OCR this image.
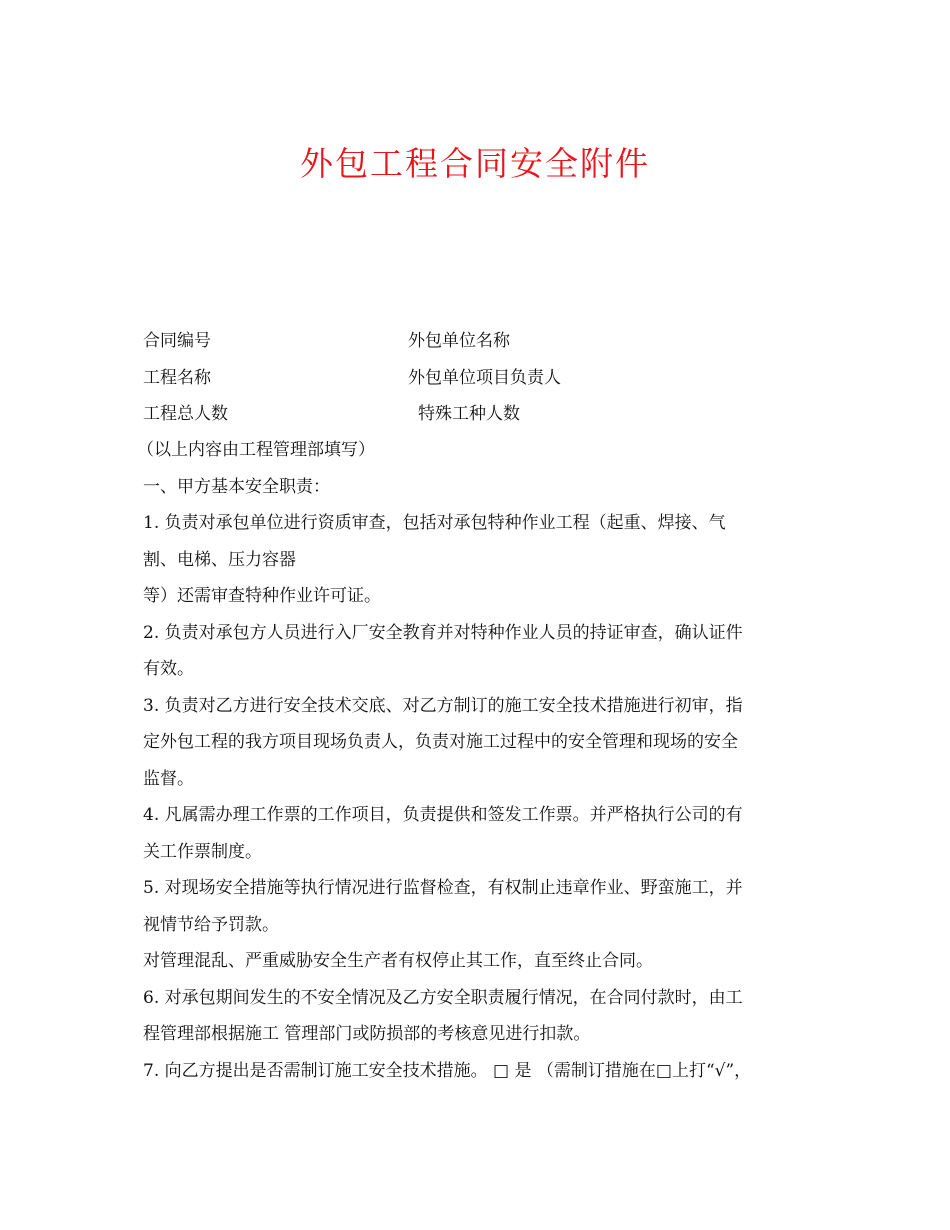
外包工程合同安全附件
合同编号	外包单位名称
工程名称	外包单位项目负责人
工程总人数	特殊工种人数

（以上内容由工程管理部填写）

一、甲方基本安全职责：

1. 负责对承包单位进行资质审查，包括对承包特种作业工程（起重、焊接、气

割、电梯、压力容器

等）还需审查特种作业许可证。

2. 负责对承包方人员进行入厂安全教育并对特种作业人员的持证审查，确认证件

有效。

3. 负责对乙方进行安全技术交底、对乙方制订的施工安全技术措施进行初审，指

定外包工程的我方项目现场负责人，负责对施工过程中的安全管理和现场的安全

监督。

4. 凡属需办理工作票的工作项目，负责提供和签发工作票。并严格执行公司的有

关工作票制度。

5. 对现场安全措施等执行情况进行监督检查，有权制止违章作业、野蛮施工，并

视情节给予罚款。

对管理混乱、严重威胁安全生产者有权停止其工作，直至终止合同。

6. 对承包期间发生的不安全情况及乙方安全职责履行情况，在合同付款时，由工

程管理部根据施工 管理部门或防损部的考核意见进行扣款。

7. 向乙方提出是否需制订施工安全技术措施。 □ 是 （需制订措施在□上打“√”，
